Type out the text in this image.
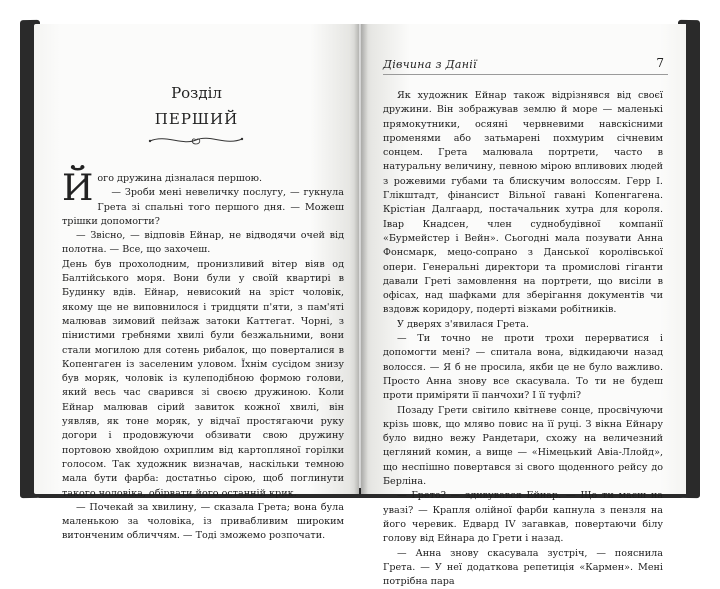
Розділ
ПЕРШИЙ

Його дружина дізналася першою.

— Зроби мені невеличку послугу, — гукнула Грета зі спальні того першого дня. — Можеш трішки допомогти?

— Звісно, — відповів Ейнар, не відводячи очей від полотна. — Все, що захочеш.

День був прохолодним, пронизливий вітер віяв од Балтійського моря. Вони були у своїй квартирі в Будинку вдів. Ейнар, невисокий на зріст чоловік, якому ще не виповнилося і тридцяти п'яти, з пам'яті малював зимовий пейзаж затоки Каттегат. Чорні, з пінистими гребнями хвилі були безжальними, вони стали могилою для сотень рибалок, що поверталися в Копенгаген із заселеним уловом. Їхнім сусідом знизу був моряк, чоловік із кулеподібною формою голови, який весь час сварився зі своєю дружиною. Коли Ейнар малював сірий завиток кожної хвилі, він уявляв, як тоне моряк, у відчаї простягаючи руку догори і продовжуючи обзивати свою дружину портовою хвойдою охриплим від картопляної горілки голосом. Так художник визначав, наскільки темною мала бути фарба: достатньо сірою, щоб поглинути такого чоловіка, обірвати його останній крик.

— Почекай за хвилину, — сказала Грета; вона була маленькою за чоловіка, із привабливим широким витонченим обличчям. — Тоді зможемо розпочати.

Дівчина з Данії	7

Як художник Ейнар також відрізнявся від своєї дружини. Він зображував землю й море — маленькі прямокутники, осяяні червневими навскісними променями або затьмарені похмурим січневим сонцем. Грета малювала портрети, часто в натуральну величину, певною мірою впливових людей з рожевими губами та блискучим волоссям. Герр І. Глікштадт, фінансист Вільної гавані Копенгагена. Крістіан Далгаард, постачальник хутра для короля. Івар Кнадсен, член суднобудівної компанії «Бурмейстер і Вейн». Сьогодні мала позувати Анна Фонсмарк, мецо-сопрано з Данської королівської опери. Генеральні директори та промислові гіганти давали Греті замовлення на портрети, що висіли в офісах, над шафками для зберігання документів чи вздовж коридору, подерті візками робітників.

У дверях з'явилася Грета.

— Ти точно не проти трохи перерватися і допомогти мені? — спитала вона, відкидаючи назад волосся. — Я б не просила, якби це не було важливо. Просто Анна знову все скасувала. То ти не будеш проти приміряти її панчохи? І її туфлі?

Позаду Грети світило квітневе сонце, просвічуючи крізь шовк, що мляво повис на її руці. З вікна Ейнару було видно вежу Рандетари, схожу на величезний цегляний комин, а вище — «Німецький Авіа-Ллойд», що неспішно повертався зі свого щоденного рейсу до Берліна.

— Грето? — здивувався Ейнар. — Що ти маєш на увазі? — Крапля олійної фарби капнула з пензля на його черевик. Едвард IV загавкав, повертаючи білу голову від Ейнара до Грети і назад.

— Анна знову скасувала зустріч, — пояснила Грета. — У неї додаткова репетиція «Кармен». Мені потрібна пара
